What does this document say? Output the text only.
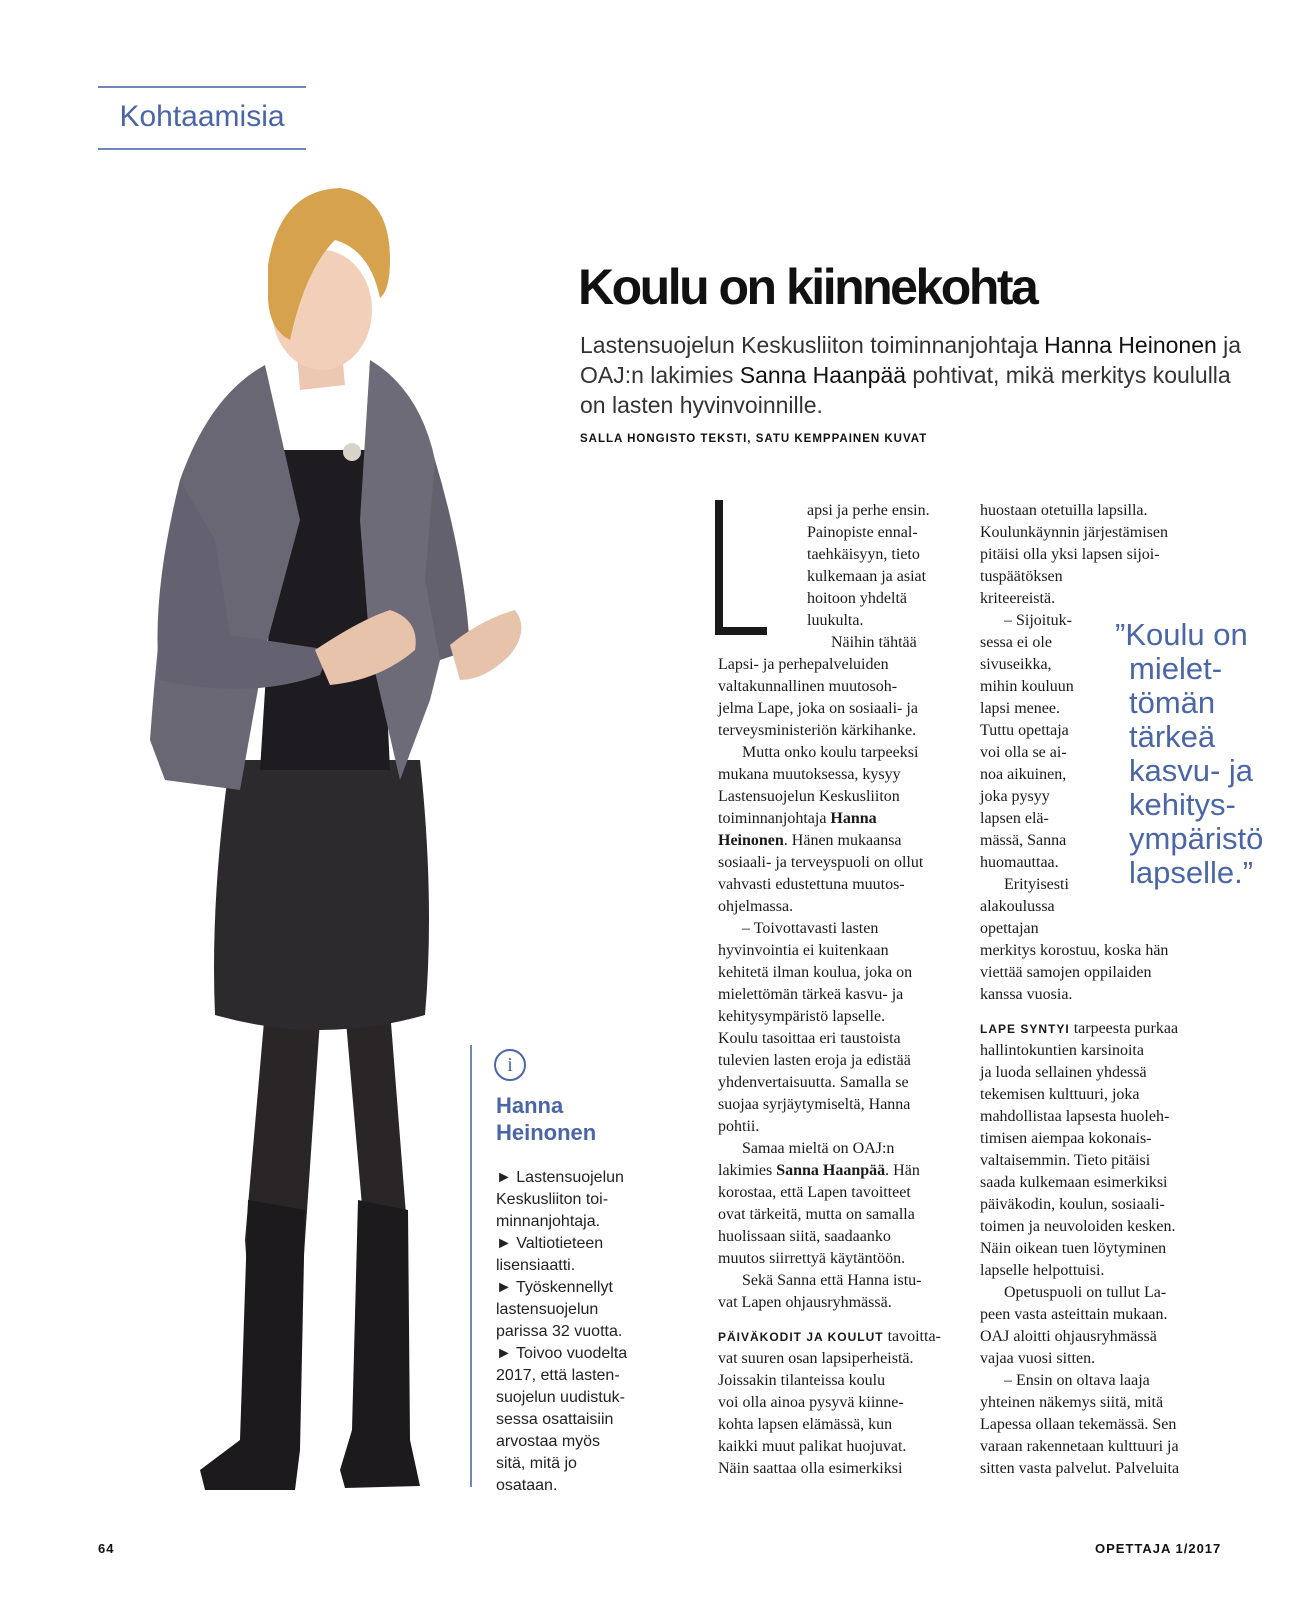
Kohtaamisia
Koulu on kiinnekohta
Lastensuojelun Keskusliiton toiminnanjohtaja Hanna Heinonen ja OAJ:n lakimies Sanna Haanpää pohtivat, mikä merkitys koululla on lasten hyvinvoinnille.
SALLA HONGISTO TEKSTI, SATU KEMPPAINEN KUVAT
apsi ja perhe ensin.
Painopiste ennal-
taehkäisyyn, tieto
kulkemaan ja asiat
hoitoon yhdeltä
luukulta.
Näihin tähtää
Lapsi- ja perhepalveluiden
valtakunnallinen muutosoh-
jelma Lape, joka on sosiaali- ja
terveysministeriön kärkihanke.
Mutta onko koulu tarpeeksi
mukana muutoksessa, kysyy
Lastensuojelun Keskusliiton
toiminnanjohtaja Hanna
Heinonen. Hänen mukaansa
sosiaali- ja terveyspuoli on ollut
vahvasti edustettuna muutos-
ohjelmassa.
– Toivottavasti lasten
hyvinvointia ei kuitenkaan
kehitetä ilman koulua, joka on
mielettömän tärkeä kasvu- ja
kehitysympäristö lapselle.
Koulu tasoittaa eri taustoista
tulevien lasten eroja ja edistää
yhdenvertaisuutta. Samalla se
suojaa syrjäytymiseltä, Hanna
pohtii.
Samaa mieltä on OAJ:n
lakimies Sanna Haanpää. Hän
korostaa, että Lapen tavoitteet
ovat tärkeitä, mutta on samalla
huolissaan siitä, saadaanko
muutos siirrettyä käytäntöön.
Sekä Sanna että Hanna istu-
vat Lapen ohjausryhmässä.
PÄIVÄKODIT JA KOULUT tavoitta-
vat suuren osan lapsiperheistä.
Joissakin tilanteissa koulu
voi olla ainoa pysyvä kiinne-
kohta lapsen elämässä, kun
kaikki muut palikat huojuvat.
Näin saattaa olla esimerkiksi
huostaan otetuilla lapsilla.
Koulunkäynnin järjestämisen
pitäisi olla yksi lapsen sijoi-
tuspäätöksen
kriteereistä.
– Sijoituk-
sessa ei ole
sivuseikka,
mihin kouluun
lapsi menee.
Tuttu opettaja
voi olla se ai-
noa aikuinen,
joka pysyy
lapsen elä-
mässä, Sanna
huomauttaa.
Erityisesti
alakoulussa
opettajan
merkitys korostuu, koska hän
viettää samojen oppilaiden
kanssa vuosia.
LAPE SYNTYI tarpeesta purkaa
hallintokuntien karsinoita
ja luoda sellainen yhdessä
tekemisen kulttuuri, joka
mahdollistaa lapsesta huoleh-
timisen aiempaa kokonais-
valtaisemmin. Tieto pitäisi
saada kulkemaan esimerkiksi
päiväkodin, koulun, sosiaali-
toimen ja neuvoloiden kesken.
Näin oikean tuen löytyminen
lapselle helpottuisi.
Opetuspuoli on tullut La-
peen vasta asteittain mukaan.
OAJ aloitti ohjausryhmässä
vajaa vuosi sitten.
– Ensin on oltava laaja
yhteinen näkemys siitä, mitä
Lapessa ollaan tekemässä. Sen
varaan rakennetaan kulttuuri ja
sitten vasta palvelut. Palveluita
”Koulu on
mielet-
tömän
tärkeä
kasvu- ja
kehitys-
ympäristö
lapselle.”
i
Hanna
Heinonen
► Lastensuojelun
Keskusliiton toi-
minnanjohtaja.
► Valtiotieteen
lisensiaatti.
► Työskennellyt
lastensuojelun
parissa 32 vuotta.
► Toivoo vuodelta
2017, että lasten-
suojelun uudistuk-
sessa osattaisiin
arvostaa myös
sitä, mitä jo
osataan.
64	OPETTAJA 1/2017
